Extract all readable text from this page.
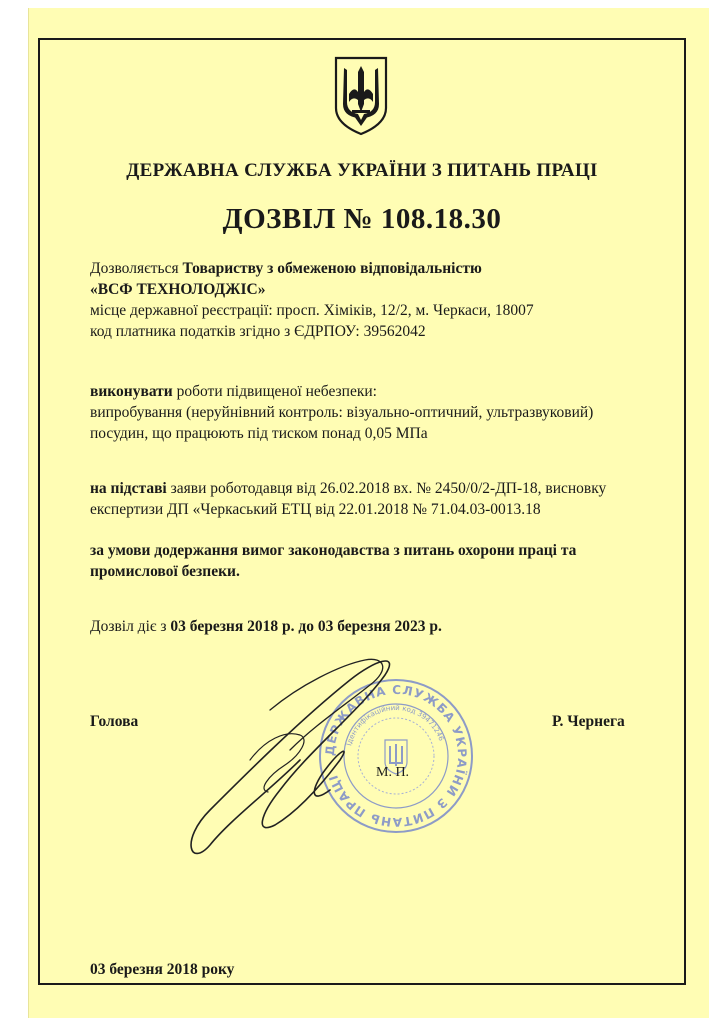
ДЕРЖАВНА СЛУЖБА УКРАЇНИ З ПИТАНЬ ПРАЦІ
ДОЗВІЛ № 108.18.30
Дозволяється Товариству з обмеженою відповідальністю
«ВСФ ТЕХНОЛОДЖІС»
місце державної реєстрації: просп. Хіміків, 12/2, м. Черкаси, 18007
код платника податків згідно з ЄДРПОУ: 39562042
виконувати роботи підвищеної небезпеки:
випробування (неруйнівний контроль: візуально-оптичний, ультразвуковий)
посудин, що працюють під тиском понад 0,05 МПа
на підставі заяви роботодавця від 26.02.2018 вх. № 2450/0/2-ДП-18, висновку
експертизи ДП «Черкаський ЕТЦ від 22.01.2018 № 71.04.03-0013.18
за умови додержання вимог законодавства з питань охорони праці та
промислової безпеки.
Дозвіл діє з 03 березня 2018 р. до 03 березня 2023 р.
ДЕРЖАВНА СЛУЖБА УКРАЇНИ З ПИТАНЬ ПРАЦІ
Ідентифікаційний код 39471246
Голова	Р. Чернега
М. П.
03 березня 2018 року
